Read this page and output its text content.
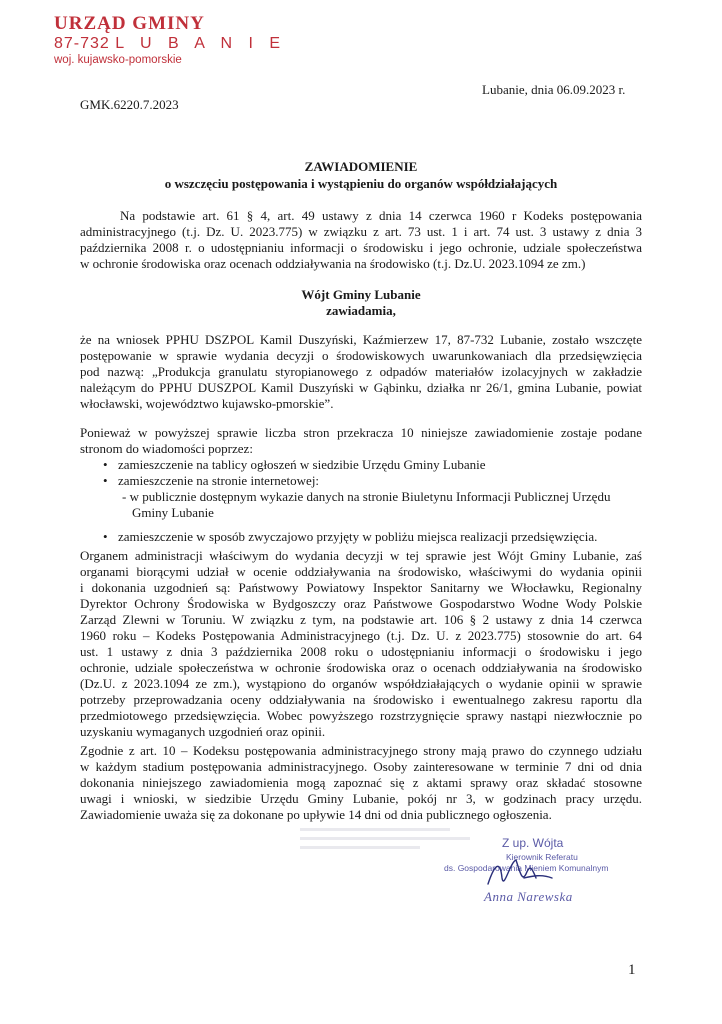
URZĄD GMINY
87-732 L U B A N I E
woj. kujawsko-pomorskie
Lubanie, dnia 06.09.2023 r.
GMK.6220.7.2023
ZAWIADOMIENIE
o wszczęciu postępowania i wystąpieniu do organów współdziałających

Na podstawie art. 61 § 4, art. 49 ustawy z dnia 14 czerwca 1960 r Kodeks postępowania
administracyjnego (t.j. Dz. U. 2023.775) w związku z art. 73 ust. 1 i art. 74 ust. 3 ustawy z dnia 3
października 2008 r. o udostępnianiu informacji o środowisku i jego ochronie, udziale społeczeństwa
w ochronie środowiska oraz ocenach oddziaływania na środowisko (t.j. Dz.U. 2023.1094 ze zm.)

Wójt Gminy Lubanie
zawiadamia,

że na wniosek PPHU DSZPOL Kamil Duszyński, Kaźmierzew 17, 87-732 Lubanie, zostało wszczęte
postępowanie w sprawie wydania decyzji o środowiskowych uwarunkowaniach dla przedsięwzięcia
pod nazwą: „Produkcja granulatu styropianowego z odpadów materiałów izolacyjnych w zakładzie
należącym do PPHU DUSZPOL Kamil Duszyński w Gąbinku, działka nr 26/1, gmina Lubanie, powiat
włocławski, województwo kujawsko-pmorskie”.

Ponieważ w powyższej sprawie liczba stron przekracza 10 niniejsze zawiadomienie zostaje podane
stronom do wiadomości poprzez:

• zamieszczenie na tablicy ogłoszeń w siedzibie Urzędu Gminy Lubanie
• zamieszczenie na stronie internetowej:
- w publicznie dostępnym wykazie danych na stronie Biuletynu Informacji Publicznej Urzędu
Gminy Lubanie
• zamieszczenie w sposób zwyczajowo przyjęty w pobliżu miejsca realizacji przedsięwzięcia.

Organem administracji właściwym do wydania decyzji w tej sprawie jest Wójt Gminy Lubanie, zaś
organami biorącymi udział w ocenie oddziaływania na środowisko, właściwymi do wydania opinii
i dokonania uzgodnień są: Państwowy Powiatowy Inspektor Sanitarny we Włocławku, Regionalny
Dyrektor Ochrony Środowiska w Bydgoszczy oraz Państwowe Gospodarstwo Wodne Wody Polskie
Zarząd Zlewni w Toruniu. W związku z tym, na podstawie art. 106 § 2 ustawy z dnia 14 czerwca
1960 roku – Kodeks Postępowania Administracyjnego (t.j. Dz. U. z 2023.775) stosownie do art. 64
ust. 1 ustawy z dnia 3 października 2008 roku o udostępnianiu informacji o środowisku i jego
ochronie, udziale społeczeństwa w ochronie środowiska oraz o ocenach oddziaływania na środowisko
(Dz.U. z 2023.1094 ze zm.), wystąpiono do organów współdziałających o wydanie opinii w sprawie
potrzeby przeprowadzania oceny oddziaływania na środowisko i ewentualnego zakresu raportu dla
przedmiotowego przedsięwzięcia. Wobec powyższego rozstrzygnięcie sprawy nastąpi niezwłocznie po
uzyskaniu wymaganych uzgodnień oraz opinii.

Zgodnie z art. 10 – Kodeksu postępowania administracyjnego strony mają prawo do czynnego udziału
w każdym stadium postępowania administracyjnego. Osoby zainteresowane w terminie 7 dni od dnia
dokonania niniejszego zawiadomienia mogą zapoznać się z aktami sprawy oraz składać stosowne
uwagi i wnioski, w siedzibie Urzędu Gminy Lubanie, pokój nr 3, w godzinach pracy urzędu.
Zawiadomienie uważa się za dokonane po upływie 14 dni od dnia publicznego ogłoszenia.

Z up. Wójta
Kierownik Referatu
ds. Gospodarowania Mieniem Komunalnym
Anna Narewska
1
